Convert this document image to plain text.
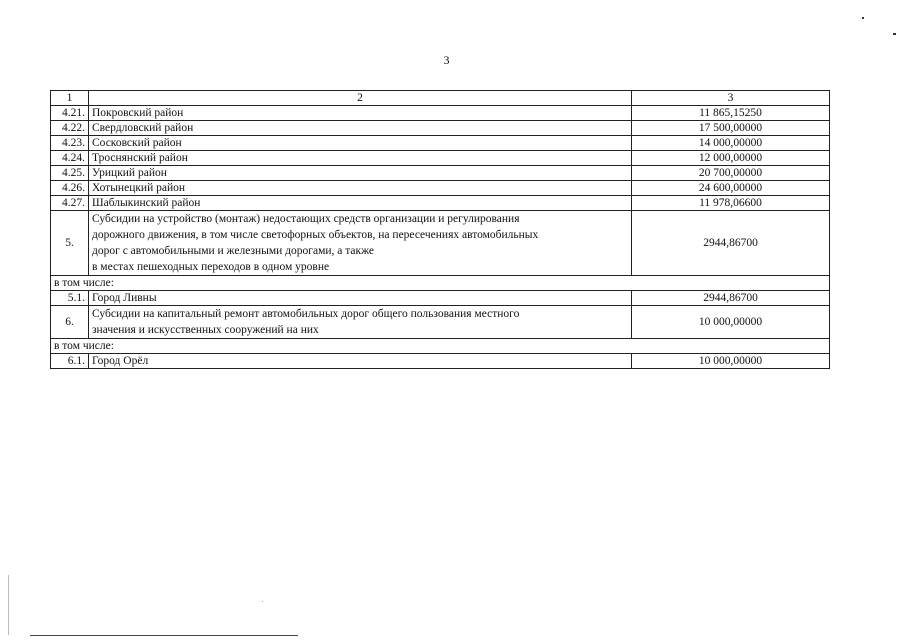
3
1	2	3
4.21.	Покровский район	11 865,15250
4.22.	Свердловский район	17 500,00000
4.23.	Сосковский район	14 000,00000
4.24.	Троснянский район	12 000,00000
4.25.	Урицкий район	20 700,00000
4.26.	Хотынецкий район	24 600,00000
4.27.	Шаблыкинский район	11 978,06600
5.	Субсидии на устройство (монтаж) недостающих средств организации и регулирования
дорожного движения, в том числе светофорных объектов, на пересечениях автомобильных
дорог с автомобильными и железными дорогами, а также
в местах пешеходных переходов в одном уровне	2944,86700
в том числе:		
5.1.	Город Ливны	2944,86700
6.	Субсидии на капитальный ремонт автомобильных дорог общего пользования местного
значения и искусственных сооружений на них	10 000,00000
в том числе:		
6.1.	Город Орёл	10 000,00000
